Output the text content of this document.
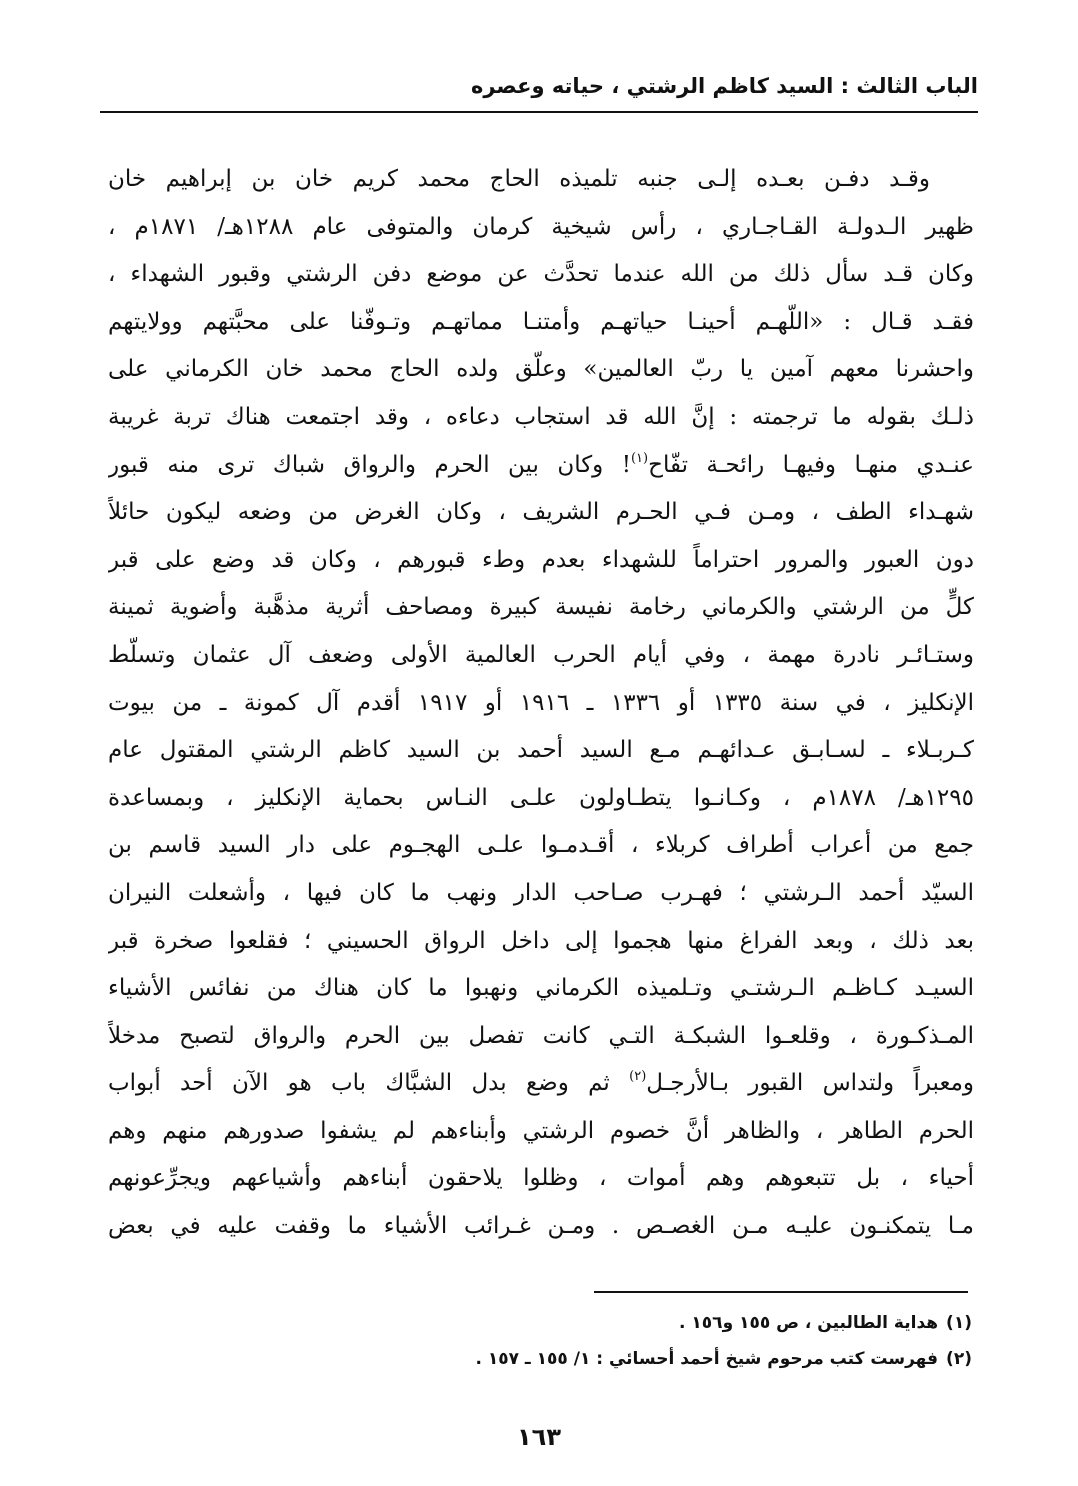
الباب الثالث : السيد كاظم الرشتي ، حياته وعصره
وقـد دفـن بعـده إلـى جنبه تلميذه الحاج محمد كريم خان بن إبراهيم خان
ظهير الـدولـة القـاجـاري ، رأس شيخية كرمان والمتوفى عام ١٢٨٨هـ/ ١٨٧١م ،
وكان قـد سأل ذلك من الله عندما تحدَّث عن موضع دفن الرشتي وقبور الشهداء ،
فقـد قـال : «اللّهـم أحينـا حياتهـم وأمتنـا مماتهـم وتـوفّنا على محبَّتهم وولايتهم
واحشرنا معهم آمين يا ربّ العالمين» وعلّق ولده الحاج محمد خان الكرماني على
ذلـك بقوله ما ترجمته : إنَّ الله قد استجاب دعاءه ، وقد اجتمعت هناك تربة غريبة
عنـدي منهـا وفيهـا رائحـة تفّاح$^{(١)}$! وكان بين الحرم والرواق شباك ترى منه قبور
شهـداء الطف ، ومـن فـي الحـرم الشريف ، وكان الغرض من وضعه ليكون حائلاً
دون العبور والمرور احتراماً للشهداء بعدم وطء قبورهم ، وكان قد وضع على قبر
كلٍّ من الرشتي والكرماني رخامة نفيسة كبيرة ومصاحف أثرية مذهَّبة وأضوية ثمينة
وستـائـر نادرة مهمة ، وفي أيام الحرب العالمية الأولى وضعف آل عثمان وتسلّط
الإنكليز ، في سنة ١٣٣٥ أو ١٣٣٦ ـ ١٩١٦ أو ١٩١٧ أقدم آل كمونة ـ من بيوت
كـربـلاء ـ لسـابـق عـدائهـم مـع السيد أحمد بن السيد كاظم الرشتي المقتول عام
١٢٩٥هـ/ ١٨٧٨م ، وكـانـوا يتطـاولون علـى النـاس بحماية الإنكليز ، وبمساعدة
جمع من أعراب أطراف كربلاء ، أقـدمـوا علـى الهجـوم على دار السيد قاسم بن
السيّد أحمد الـرشتي ؛ فهـرب صـاحب الدار ونهب ما كان فيها ، وأشعلت النيران
بعد ذلك ، وبعد الفراغ منها هجموا إلى داخل الرواق الحسيني ؛ فقلعوا صخرة قبر
السيـد كـاظـم الـرشتـي وتـلميذه الكرماني ونهبوا ما كان هناك من نفائس الأشياء
المـذكـورة ، وقلعـوا الشبكـة التـي كانت تفصل بين الحرم والرواق لتصبح مدخلاً
ومعبراً ولتداس القبور بـالأرجـل$^{(٢)}$ ثم وضع بدل الشبَّاك باب هو الآن أحد أبواب
الحرم الطاهر ، والظاهر أنَّ خصوم الرشتي وأبناءهم لم يشفوا صدورهم منهم وهم
أحياء ، بل تتبعوهم وهم أموات ، وظلوا يلاحقون أبناءهم وأشياعهم ويجرِّعونهم
مـا يتمكنـون عليـه مـن الغصـص . ومـن غـرائب الأشياء ما وقفت عليه في بعض
(١)هداية الطالبين ، ص ١٥٥ و١٥٦ .
(٢)فهرست كتب مرحوم شيخ أحمد أحسائي : ١/ ١٥٥ ـ ١٥٧ .
١٦٣
